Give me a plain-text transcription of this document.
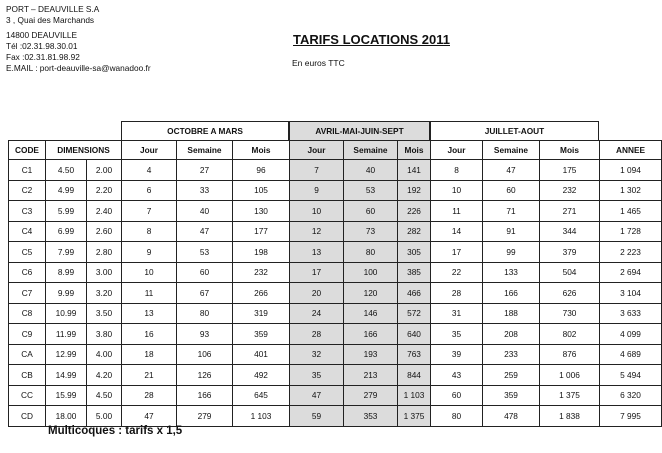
PORT – DEAUVILLE S.A
3 , Quai des Marchands
14800 DEAUVILLE
Tél :02.31.98.30.01
Fax :02.31.81.98.92
E.MAIL : port-deauville-sa@wanadoo.fr
TARIFS LOCATIONS 2011
En euros TTC
OCTOBRE A MARS	AVRIL-MAI-JUIN-SEPT	JUILLET-AOUT
CODE	DIMENSIONS		Jour	Semaine	Mois	Jour	Semaine	Mois	Jour	Semaine	Mois	ANNEE
C1	4.50	2.00	4	27	96	7	40	141	8	47	175	1 094
C2	4.99	2.20	6	33	105	9	53	192	10	60	232	1 302
C3	5.99	2.40	7	40	130	10	60	226	11	71	271	1 465
C4	6.99	2.60	8	47	177	12	73	282	14	91	344	1 728
C5	7.99	2.80	9	53	198	13	80	305	17	99	379	2 223
C6	8.99	3.00	10	60	232	17	100	385	22	133	504	2 694
C7	9.99	3.20	11	67	266	20	120	466	28	166	626	3 104
C8	10.99	3.50	13	80	319	24	146	572	31	188	730	3 633
C9	11.99	3.80	16	93	359	28	166	640	35	208	802	4 099
CA	12.99	4.00	18	106	401	32	193	763	39	233	876	4 689
CB	14.99	4.20	21	126	492	35	213	844	43	259	1 006	5 494
CC	15.99	4.50	28	166	645	47	279	1 103	60	359	1 375	6 320
CD	18.00	5.00	47	279	1 103	59	353	1 375	80	478	1 838	7 995
Multicoques : tarifs x 1,5
